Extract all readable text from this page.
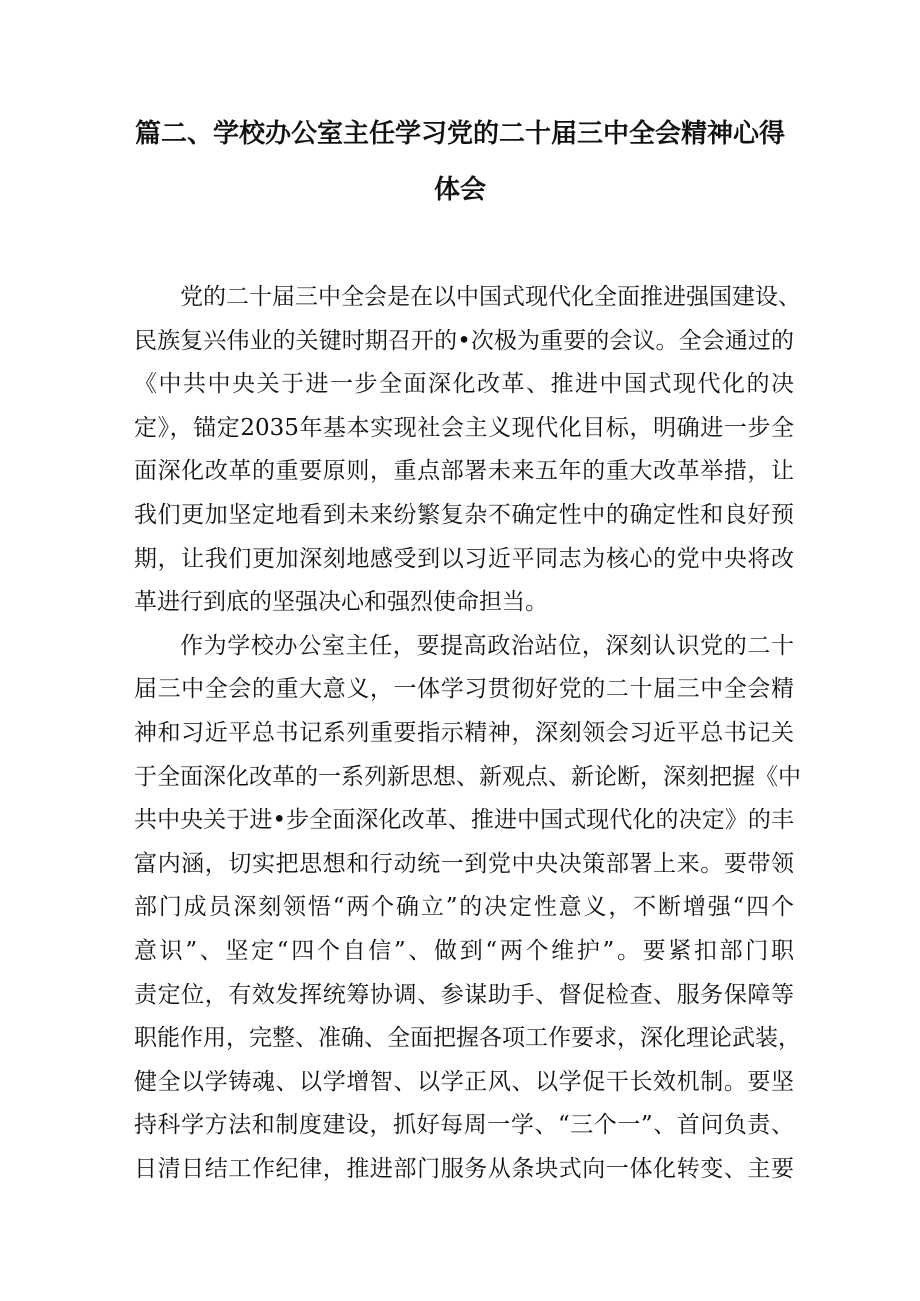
篇二、学校办公室主任学习党的二十届三中全会精神心得
体会
党的二十届三中全会是在以中国式现代化全面推进强国建设、
民族复兴伟业的关键时期召开的•次极为重要的会议。全会通过的
《中共中央关于进一步全面深化改革、推进中国式现代化的决
定》，锚定2035年基本实现社会主义现代化目标，明确进一步全
面深化改革的重要原则，重点部署未来五年的重大改革举措，让
我们更加坚定地看到未来纷繁复杂不确定性中的确定性和良好预
期，让我们更加深刻地感受到以习近平同志为核心的党中央将改
革进行到底的坚强决心和强烈使命担当。
作为学校办公室主任，要提高政治站位，深刻认识党的二十
届三中全会的重大意义，一体学习贯彻好党的二十届三中全会精
神和习近平总书记系列重要指示精神，深刻领会习近平总书记关
于全面深化改革的一系列新思想、新观点、新论断，深刻把握《中
共中央关于进•步全面深化改革、推进中国式现代化的决定》的丰
富内涵，切实把思想和行动统一到党中央决策部署上来。要带领
部门成员深刻领悟“两个确立”的决定性意义，不断增强“四个
意识”、坚定“四个自信”、做到“两个维护”。要紧扣部门职
责定位，有效发挥统筹协调、参谋助手、督促检查、服务保障等
职能作用，完整、准确、全面把握各项工作要求，深化理论武装，
健全以学铸魂、以学增智、以学正风、以学促干长效机制。要坚
持科学方法和制度建设，抓好每周一学、“三个一”、首问负责、
日清日结工作纪律，推进部门服务从条块式向一体化转变、主要
